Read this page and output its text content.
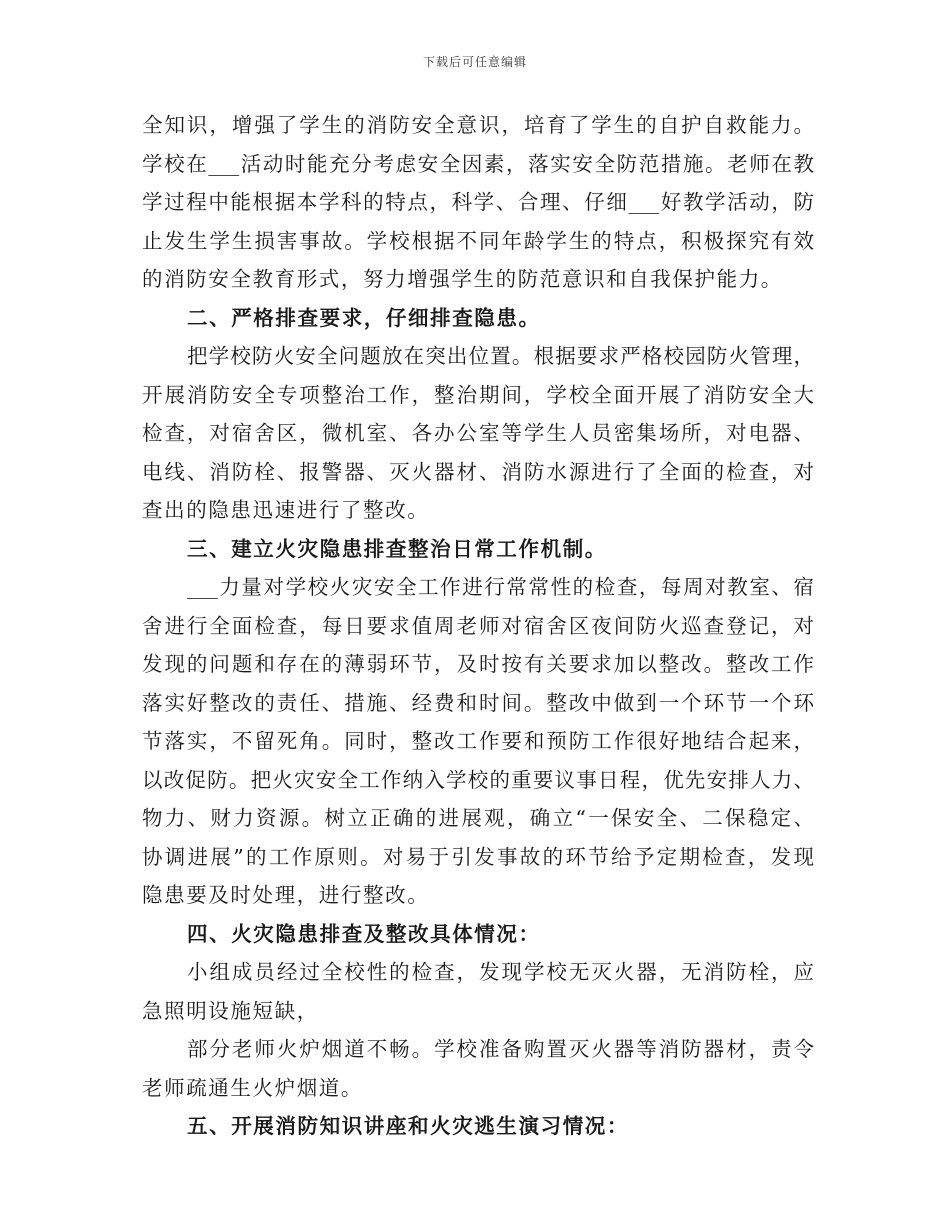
下载后可任意编辑
全知识，增强了学生的消防安全意识，培育了学生的自护自救能力。
学校在___活动时能充分考虑安全因素，落实安全防范措施。老师在教
学过程中能根据本学科的特点，科学、合理、仔细___好教学活动，防
止发生学生损害事故。学校根据不同年龄学生的特点，积极探究有效
的消防安全教育形式，努力增强学生的防范意识和自我保护能力。
二、严格排查要求，仔细排查隐患。
把学校防火安全问题放在突出位置。根据要求严格校园防火管理，
开展消防安全专项整治工作，整治期间，学校全面开展了消防安全大
检查，对宿舍区，微机室、各办公室等学生人员密集场所，对电器、
电线、消防栓、报警器、灭火器材、消防水源进行了全面的检查，对
查出的隐患迅速进行了整改。
三、建立火灾隐患排查整治日常工作机制。
___力量对学校火灾安全工作进行常常性的检查，每周对教室、宿
舍进行全面检查，每日要求值周老师对宿舍区夜间防火巡查登记，对
发现的问题和存在的薄弱环节，及时按有关要求加以整改。整改工作
落实好整改的责任、措施、经费和时间。整改中做到一个环节一个环
节落实，不留死角。同时，整改工作要和预防工作很好地结合起来，
以改促防。把火灾安全工作纳入学校的重要议事日程，优先安排人力、
物力、财力资源。树立正确的进展观，确立“一保安全、二保稳定、
协调进展”的工作原则。对易于引发事故的环节给予定期检查，发现
隐患要及时处理，进行整改。
四、火灾隐患排查及整改具体情况：
小组成员经过全校性的检查，发现学校无灭火器，无消防栓，应
急照明设施短缺，
部分老师火炉烟道不畅。学校准备购置灭火器等消防器材，责令
老师疏通生火炉烟道。
五、开展消防知识讲座和火灾逃生演习情况：
